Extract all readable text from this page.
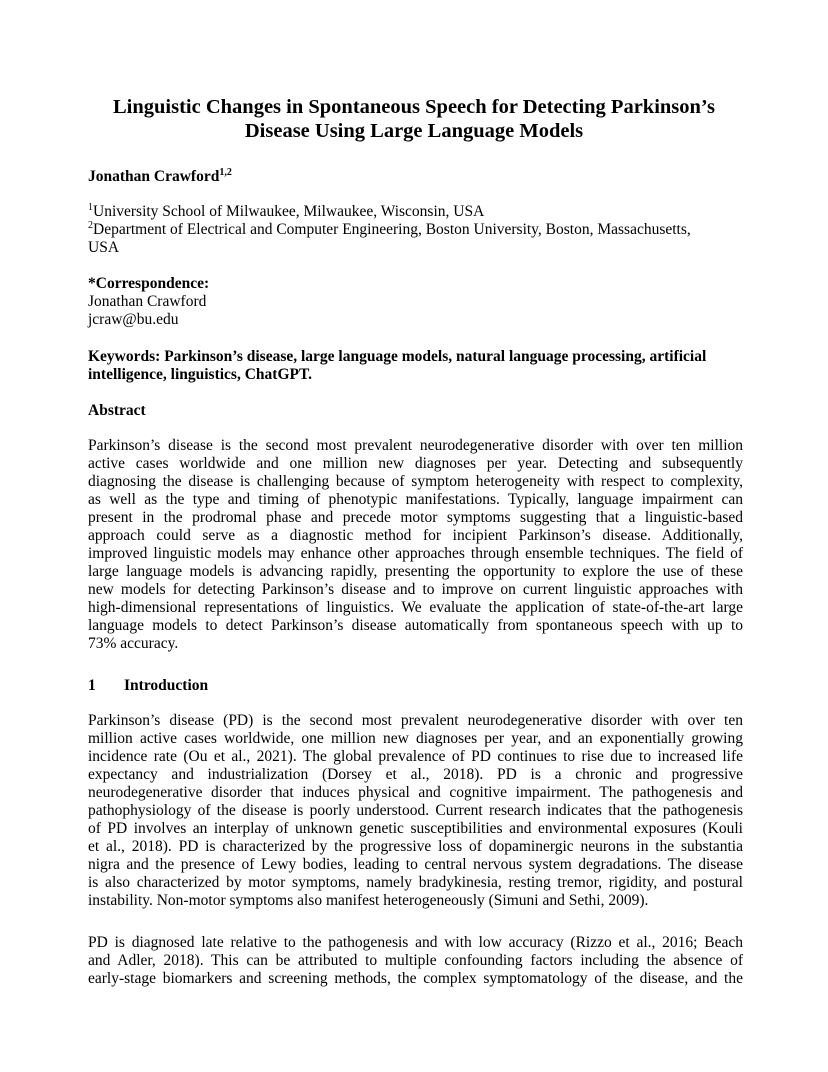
Linguistic Changes in Spontaneous Speech for Detecting Parkinson’s
Disease Using Large Language Models
Jonathan Crawford$^{1,2}$
$^1$University School of Milwaukee, Milwaukee, Wisconsin, USA
$^2$Department of Electrical and Computer Engineering, Boston University, Boston, Massachusetts,
USA
*Correspondence:
Jonathan Crawford
jcraw@bu.edu
Keywords: Parkinson’s disease, large language models, natural language processing, artificial
intelligence, linguistics, ChatGPT.
Abstract
Parkinson’s disease is the second most prevalent neurodegenerative disorder with over ten million
active cases worldwide and one million new diagnoses per year. Detecting and subsequently
diagnosing the disease is challenging because of symptom heterogeneity with respect to complexity,
as well as the type and timing of phenotypic manifestations. Typically, language impairment can
present in the prodromal phase and precede motor symptoms suggesting that a linguistic-based
approach could serve as a diagnostic method for incipient Parkinson’s disease. Additionally,
improved linguistic models may enhance other approaches through ensemble techniques. The field of
large language models is advancing rapidly, presenting the opportunity to explore the use of these
new models for detecting Parkinson’s disease and to improve on current linguistic approaches with
high-dimensional representations of linguistics. We evaluate the application of state-of-the-art large
language models to detect Parkinson’s disease automatically from spontaneous speech with up to
73% accuracy.
1 Introduction
Parkinson’s disease (PD) is the second most prevalent neurodegenerative disorder with over ten
million active cases worldwide, one million new diagnoses per year, and an exponentially growing
incidence rate (Ou et al., 2021). The global prevalence of PD continues to rise due to increased life
expectancy and industrialization (Dorsey et al., 2018). PD is a chronic and progressive
neurodegenerative disorder that induces physical and cognitive impairment. The pathogenesis and
pathophysiology of the disease is poorly understood. Current research indicates that the pathogenesis
of PD involves an interplay of unknown genetic susceptibilities and environmental exposures (Kouli
et al., 2018). PD is characterized by the progressive loss of dopaminergic neurons in the substantia
nigra and the presence of Lewy bodies, leading to central nervous system degradations. The disease
is also characterized by motor symptoms, namely bradykinesia, resting tremor, rigidity, and postural
instability. Non-motor symptoms also manifest heterogeneously (Simuni and Sethi, 2009).
PD is diagnosed late relative to the pathogenesis and with low accuracy (Rizzo et al., 2016; Beach
and Adler, 2018). This can be attributed to multiple confounding factors including the absence of
early-stage biomarkers and screening methods, the complex symptomatology of the disease, and the
